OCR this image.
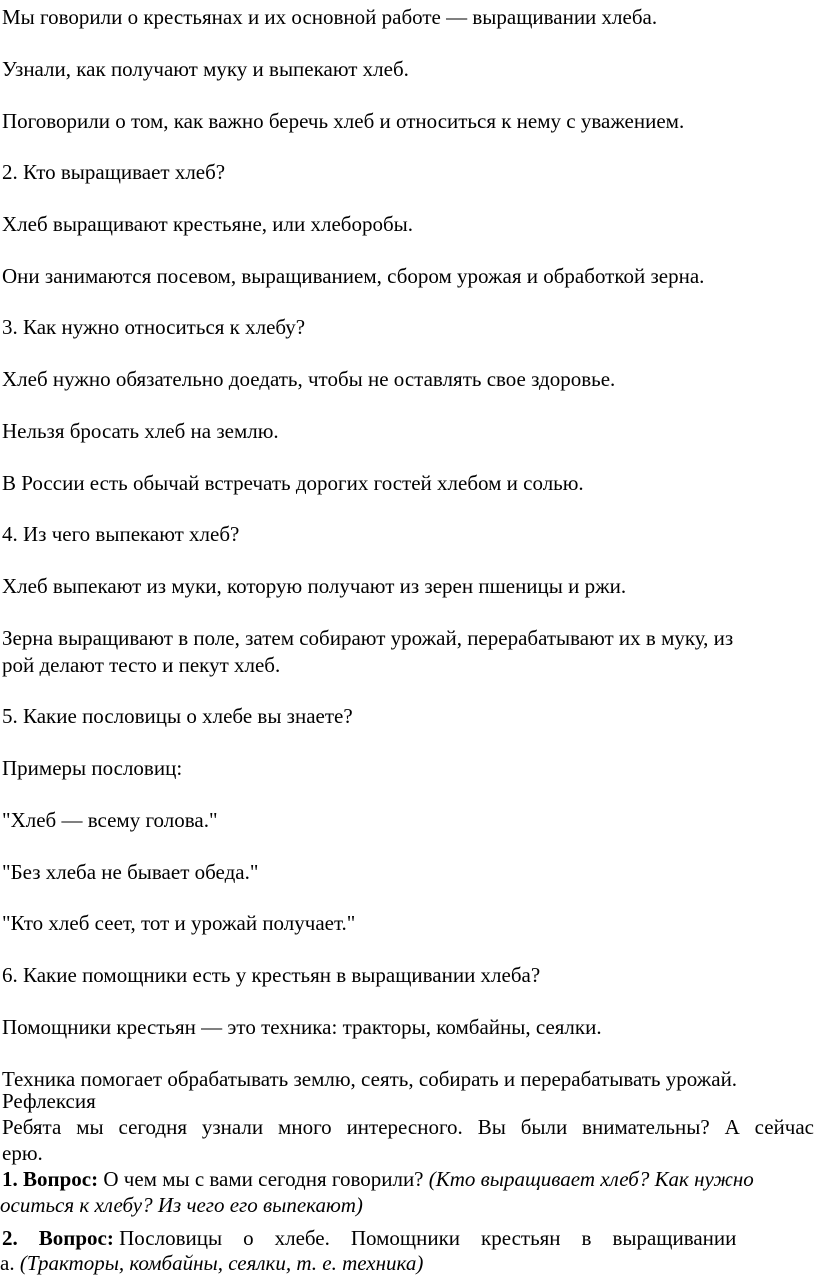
Мы говорили о крестьянах и их основной работе — выращивании хлеба.

Узнали, как получают муку и выпекают хлеб.

Поговорили о том, как важно беречь хлеб и относиться к нему с уважением.

2. Кто выращивает хлеб?

Хлеб выращивают крестьяне, или хлеборобы.

Они занимаются посевом, выращиванием, сбором урожая и обработкой зерна.

3. Как нужно относиться к хлебу?

Хлеб нужно обязательно доедать, чтобы не оставлять свое здоровье.

Нельзя бросать хлеб на землю.

В России есть обычай встречать дорогих гостей хлебом и солью.

4. Из чего выпекают хлеб?

Хлеб выпекают из муки, которую получают из зерен пшеницы и ржи.

Зерна выращивают в поле, затем собирают урожай, перерабатывают их в муку, из

рой делают тесто и пекут хлеб.

5. Какие пословицы о хлебе вы знаете?

Примеры пословиц:

"Хлеб — всему голова."

"Без хлеба не бывает обеда."

"Кто хлеб сеет, тот и урожай получает."

6. Какие помощники есть у крестьян в выращивании хлеба?

Помощники крестьян — это техника: тракторы, комбайны, сеялки.

Техника помогает обрабатывать землю, сеять, собирать и перерабатывать урожай.

Рефлексия

Ребята мы сегодня узнали много интересного. Вы были внимательны? А сейчас

ерю.

1. Вопрос: О чем мы с вами сегодня говорили? (Кто выращивает хлеб? Как нужно

оситься к хлебу? Из чего его выпекают)

2.    Вопрос: Пословицы    о    хлебе.    Помощники    крестьян    в    выращивании

а. (Тракторы, комбайны, сеялки, т. е. техника)
